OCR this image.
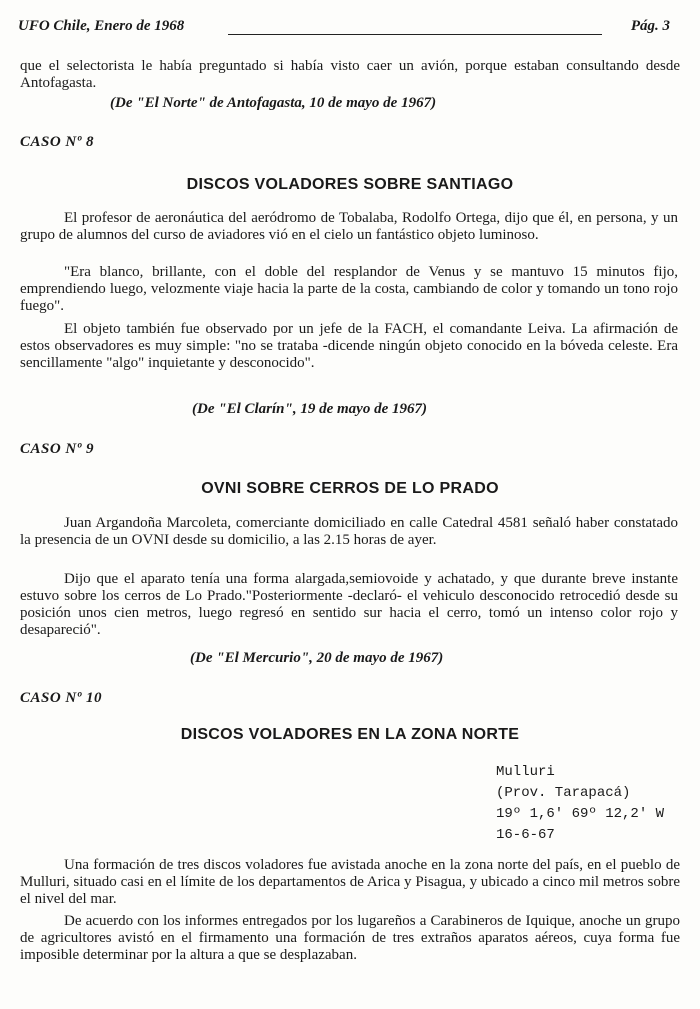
UFO Chile, Enero de 1968	Pág. 3

que el selectorista le había preguntado si había visto caer un avión, porque estaban consultando desde Antofagasta.

(De "El Norte" de Antofagasta, 10 de mayo de 1967)
CASO Nº 8
DISCOS VOLADORES SOBRE SANTIAGO

El profesor de aeronáutica del aeródromo de Tobalaba, Rodolfo Ortega, dijo que él, en persona, y un grupo de alumnos del curso de aviadores vió en el cielo un fantástico objeto luminoso.

"Era blanco, brillante, con el doble del resplandor de Venus y se mantuvo 15 minutos fijo, emprendiendo luego, velozmente viaje hacia la parte de la costa, cambiando de color y tomando un tono rojo fuego".

El objeto también fue observado por un jefe de la FACH, el comandante Leiva. La afirmación de estos observadores es muy simple: "no se trataba -dicende ningún objeto conocido en la bóveda celeste. Era sencillamente "algo" inquietante y desconocido".

(De "El Clarín", 19 de mayo de 1967)
CASO Nº 9
OVNI SOBRE CERROS DE LO PRADO

Juan Argandoña Marcoleta, comerciante domiciliado en calle Catedral 4581 señaló haber constatado la presencia de un OVNI desde su domicilio, a las 2.15 horas de ayer.

Dijo que el aparato tenía una forma alargada,semiovoide y achatado, y que durante breve instante estuvo sobre los cerros de Lo Prado."Posteriormente -declaró- el vehiculo desconocido retrocedió desde su posición unos cien metros, luego regresó en sentido sur hacia el cerro, tomó un intenso color rojo y desapareció".

(De "El Mercurio", 20 de mayo de 1967)
CASO Nº 10
DISCOS VOLADORES EN LA ZONA NORTE
Mulluri
(Prov. Tarapacá)
19º 1,6' 69º 12,2' W
16-6-67

Una formación de tres discos voladores fue avistada anoche en la zona norte del país, en el pueblo de Mulluri, situado casi en el límite de los departamentos de Arica y Pisagua, y ubicado a cinco mil metros sobre el nivel del mar.

De acuerdo con los informes entregados por los lugareños a Carabineros de Iquique, anoche un grupo de agricultores avistó en el firmamento una formación de tres extraños aparatos aéreos, cuya forma fue imposible determinar por la altura a que se desplazaban.
